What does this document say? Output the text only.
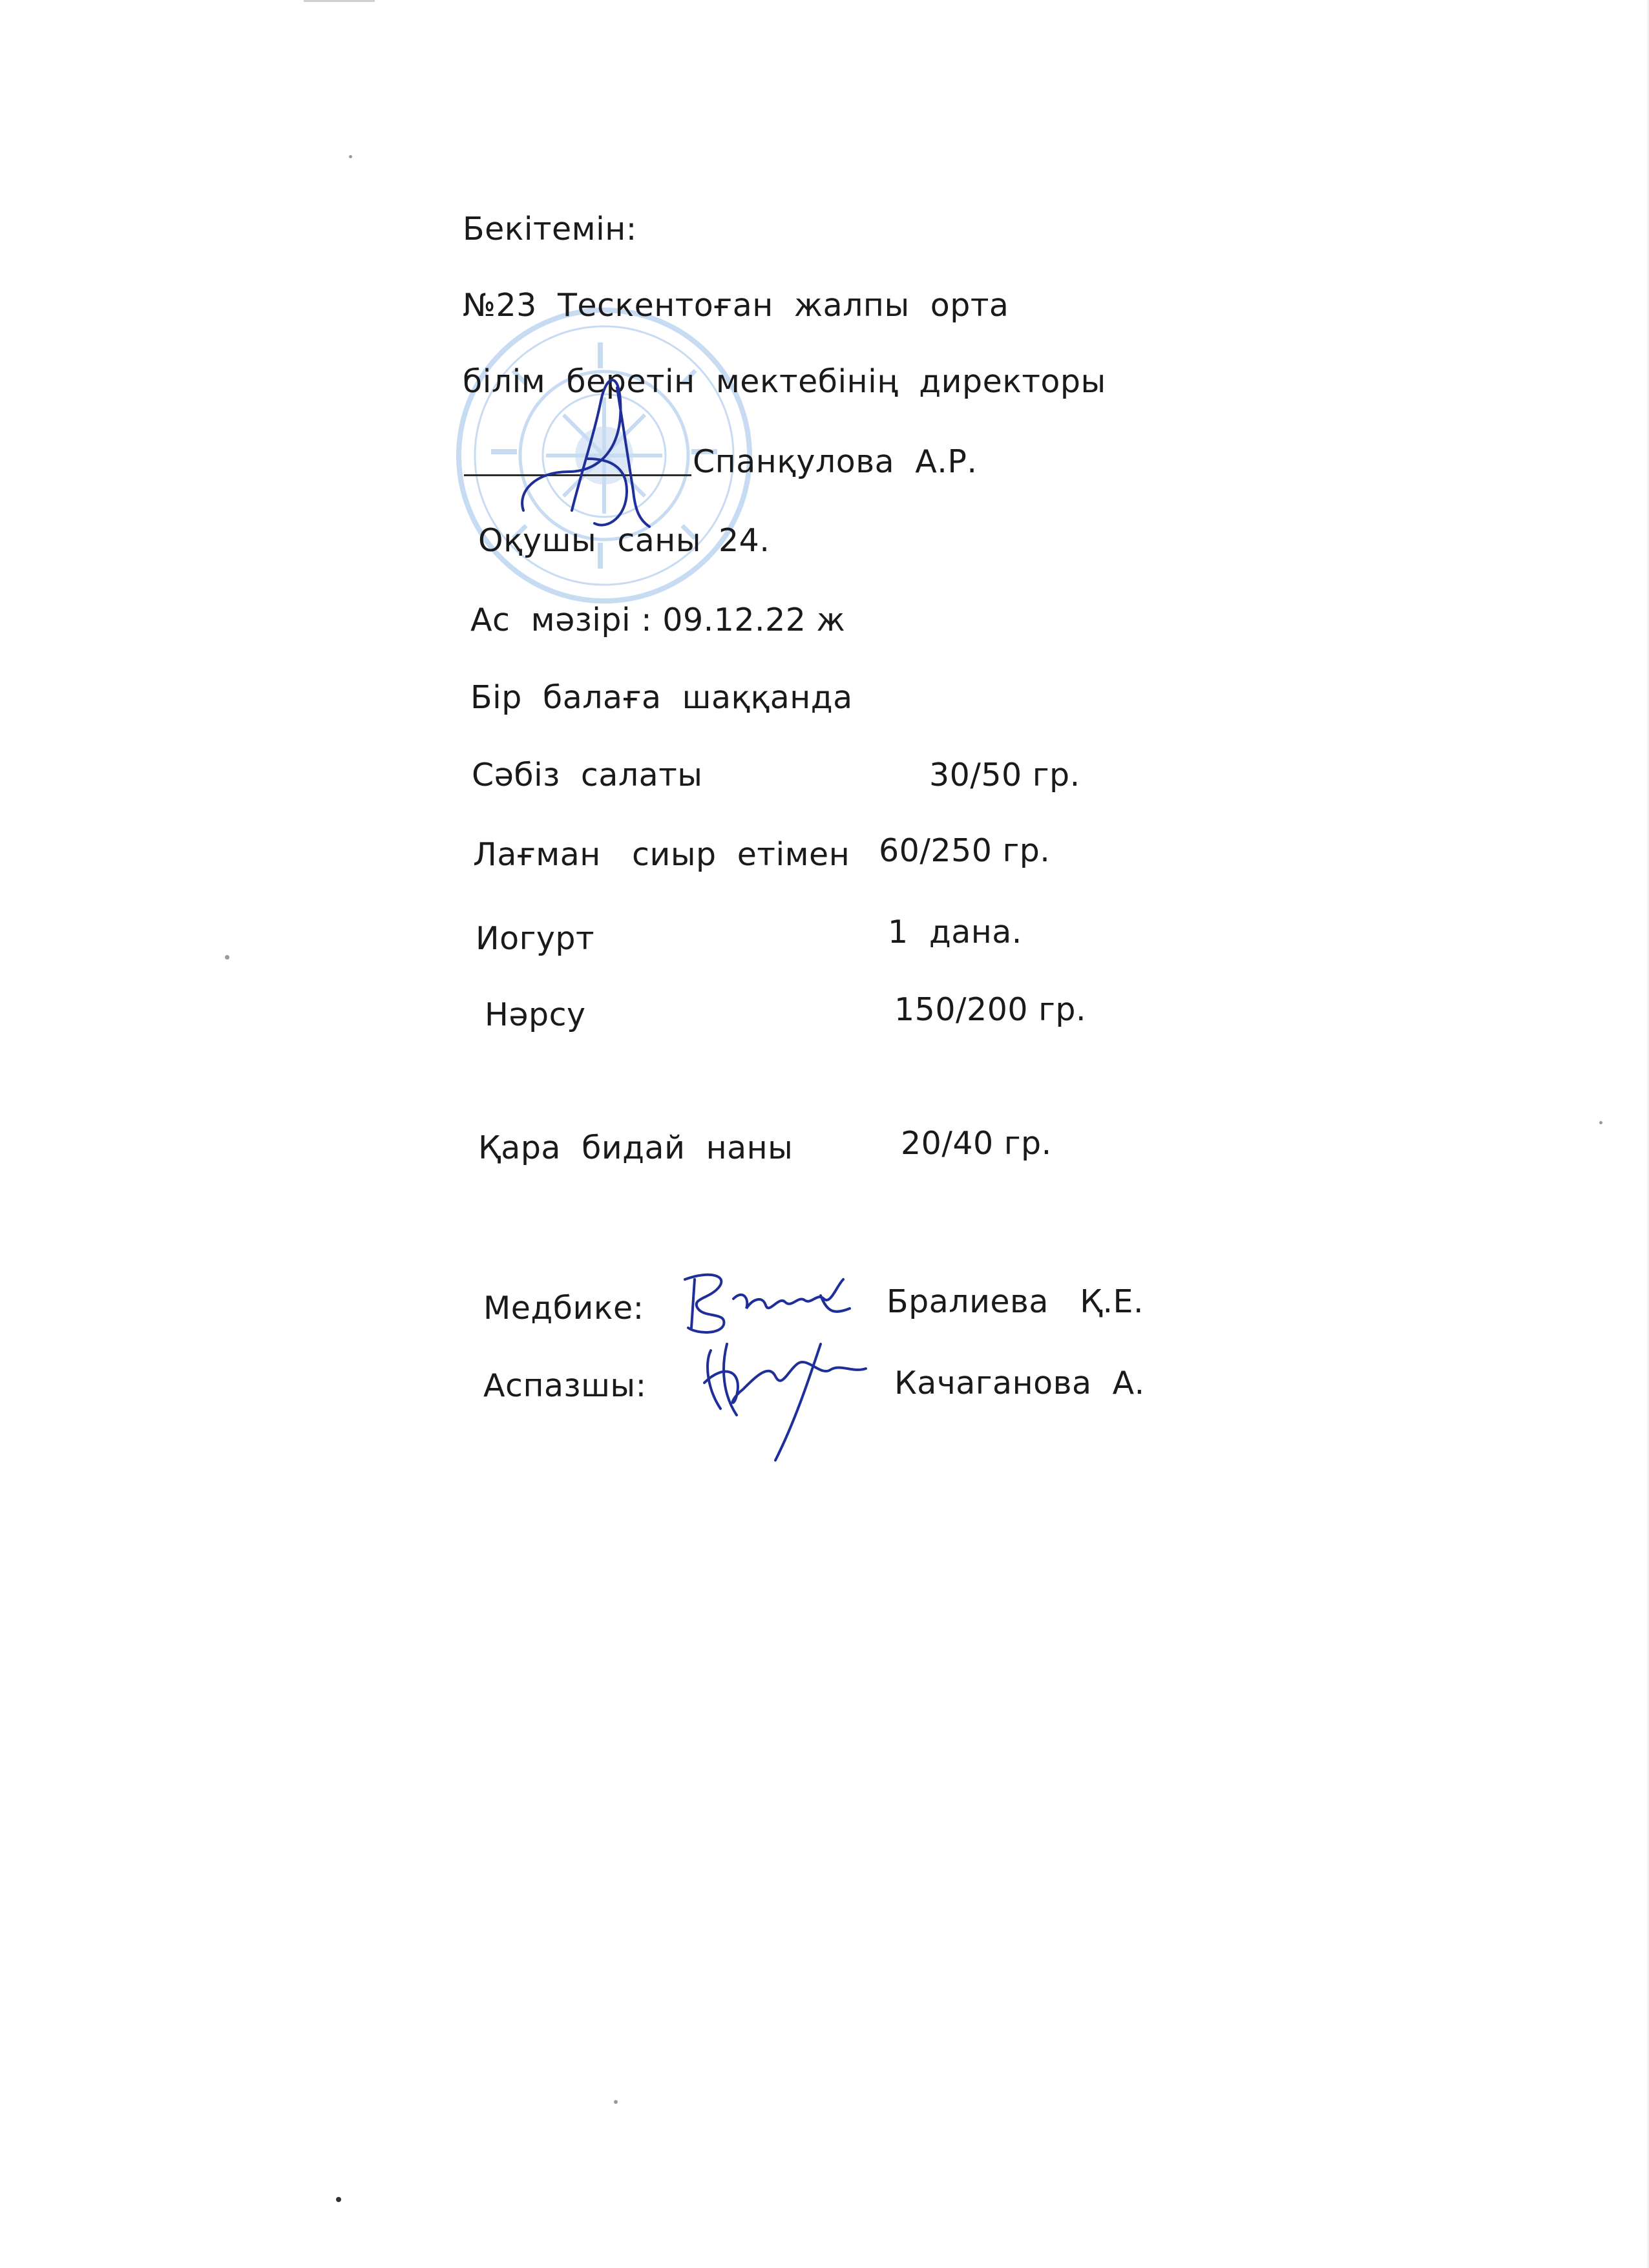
Бекітемін:
№23  Тескентоған  жалпы  орта
білім  беретін  мектебінің  директоры
Спанқулова  А.Р.
Оқушы  саны 24.
Ас  мәзірі : 09.12.22 ж
Бір  балаға  шаққанда
Сәбіз  салаты	30/50 гр.
Лағман   сиыр  етімен 60/250 гр.
Иогурт	1  дана.
Нәрсу	150/200 гр.
Қара  бидай  наны	20/40 гр.
Медбике:	Бралиева   Қ.Е.
Аспазшы:	Качаганова  А.
